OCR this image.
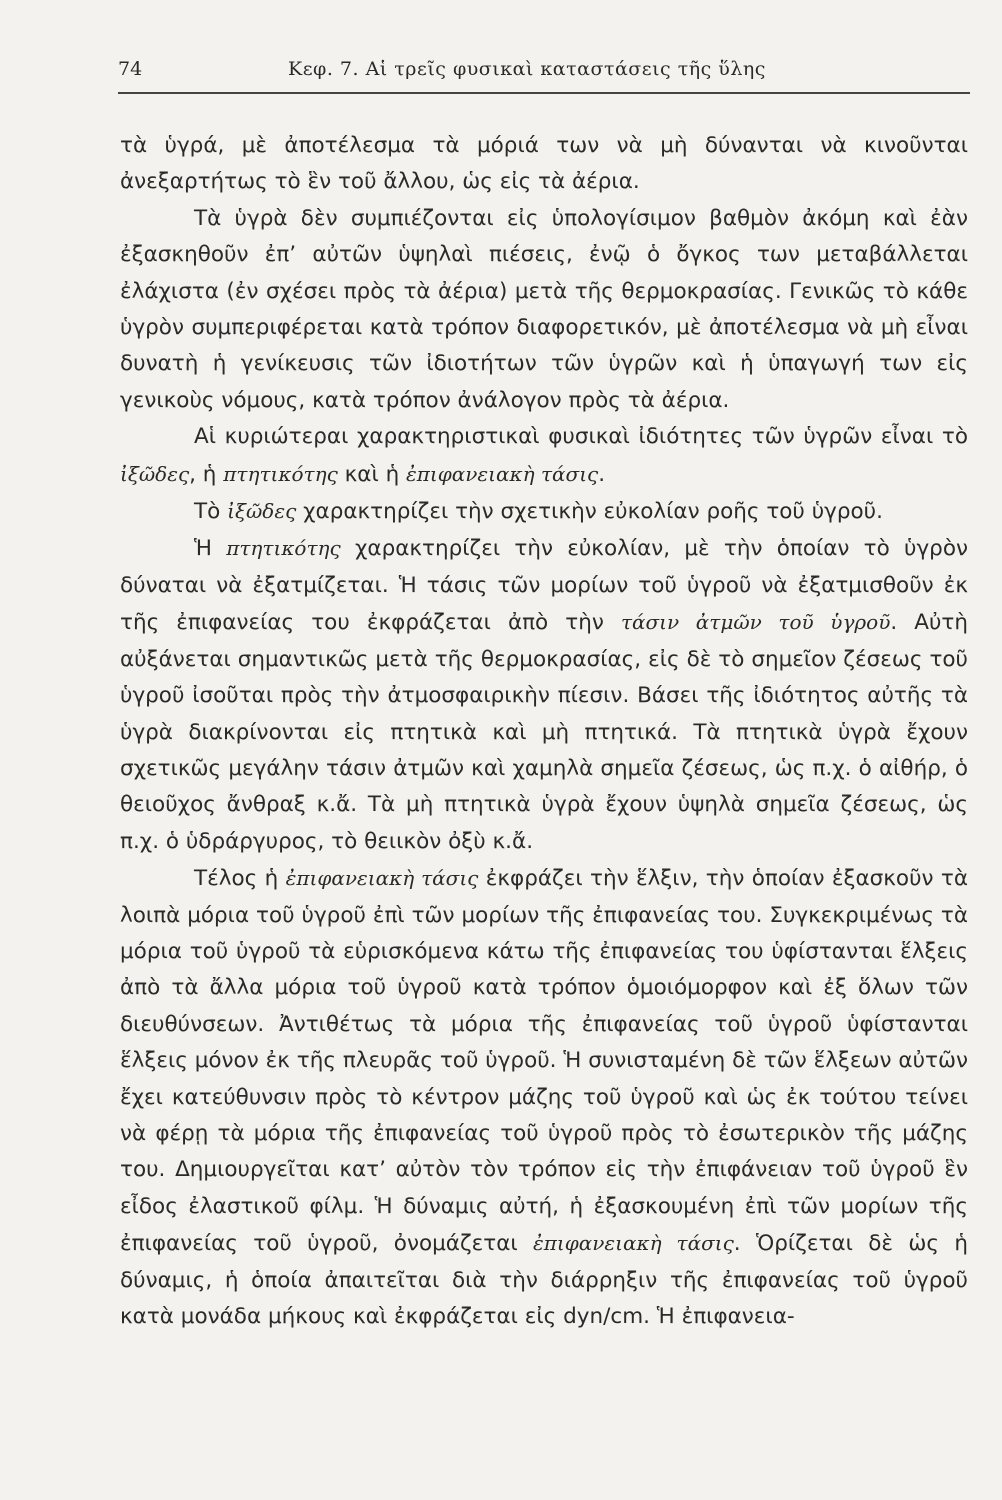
74	Κεφ. 7. Αἱ τρεῖς φυσικαὶ καταστάσεις τῆς ὕλης

τὰ ὑγρά, μὲ ἀποτέλεσμα τὰ μόριά των νὰ μὴ δύνανται νὰ κινοῦνται ἀνεξαρτήτως τὸ ἓν τοῦ ἄλλου, ὡς εἰς τὰ ἀέρια.

Τὰ ὑγρὰ δὲν συμπιέζονται εἰς ὑπολογίσιμον βαθμὸν ἀκόμη καὶ ἐὰν ἐξασκηθοῦν ἐπ’ αὐτῶν ὑψηλαὶ πιέσεις, ἐνῷ ὁ ὄγκος των μεταβάλλεται ἐλάχιστα (ἐν σχέσει πρὸς τὰ ἀέρια) μετὰ τῆς θερμοκρασίας. Γενικῶς τὸ κάθε ὑγρὸν συμπεριφέρεται κατὰ τρόπον διαφορετικόν, μὲ ἀποτέλεσμα νὰ μὴ εἶναι δυνατὴ ἡ γενίκευσις τῶν ἰδιοτήτων τῶν ὑγρῶν καὶ ἡ ὑπαγωγή των εἰς γενικοὺς νόμους, κατὰ τρόπον ἀνάλογον πρὸς τὰ ἀέρια.

Αἱ κυριώτεραι χαρακτηριστικαὶ φυσικαὶ ἰδιότητες τῶν ὑγρῶν εἶναι τὸ ἰξῶδες, ἡ πτητικότης καὶ ἡ ἐπιφανειακὴ τάσις.

Τὸ ἰξῶδες χαρακτηρίζει τὴν σχετικὴν εὐκολίαν ροῆς τοῦ ὑγροῦ.

Ἡ πτητικότης χαρακτηρίζει τὴν εὐκολίαν, μὲ τὴν ὁποίαν τὸ ὑγρὸν δύναται νὰ ἐξατμίζεται. Ἡ τάσις τῶν μορίων τοῦ ὑγροῦ νὰ ἐξατμισθοῦν ἐκ τῆς ἐπιφανείας του ἐκφράζεται ἀπὸ τὴν τάσιν ἀτμῶν τοῦ ὑγροῦ. Αὐτὴ αὐξάνεται σημαντικῶς μετὰ τῆς θερμοκρασίας, εἰς δὲ τὸ σημεῖον ζέσεως τοῦ ὑγροῦ ἰσοῦται πρὸς τὴν ἀτμοσφαιρικὴν πίεσιν. Βάσει τῆς ἰδιότητος αὐτῆς τὰ ὑγρὰ διακρίνονται εἰς πτητικὰ καὶ μὴ πτητικά. Τὰ πτητικὰ ὑγρὰ ἔχουν σχετικῶς μεγάλην τάσιν ἀτμῶν καὶ χαμηλὰ σημεῖα ζέσεως, ὡς π.χ. ὁ αἰθήρ, ὁ θειοῦχος ἄνθραξ κ.ἄ. Τὰ μὴ πτητικὰ ὑγρὰ ἔχουν ὑψηλὰ σημεῖα ζέσεως, ὡς π.χ. ὁ ὑδράργυρος, τὸ θειικὸν ὀξὺ κ.ἄ.

Τέλος ἡ ἐπιφανειακὴ τάσις ἐκφράζει τὴν ἕλξιν, τὴν ὁποίαν ἐξασκοῦν τὰ λοιπὰ μόρια τοῦ ὑγροῦ ἐπὶ τῶν μορίων τῆς ἐπιφανείας του. Συγκεκριμένως τὰ μόρια τοῦ ὑγροῦ τὰ εὑρισκόμενα κάτω τῆς ἐπιφανείας του ὑφίστανται ἕλξεις ἀπὸ τὰ ἄλλα μόρια τοῦ ὑγροῦ κατὰ τρόπον ὁμοιόμορφον καὶ ἐξ ὅλων τῶν διευθύνσεων. Ἀντιθέτως τὰ μόρια τῆς ἐπιφανείας τοῦ ὑγροῦ ὑφίστανται ἕλξεις μόνον ἐκ τῆς πλευρᾶς τοῦ ὑγροῦ. Ἡ συνισταμένη δὲ τῶν ἕλξεων αὐτῶν ἔχει κατεύθυνσιν πρὸς τὸ κέντρον μάζης τοῦ ὑγροῦ καὶ ὡς ἐκ τούτου τείνει νὰ φέρῃ τὰ μόρια τῆς ἐπιφανείας τοῦ ὑγροῦ πρὸς τὸ ἐσωτερικὸν τῆς μάζης του. Δημιουργεῖται κατ’ αὐτὸν τὸν τρόπον εἰς τὴν ἐπιφάνειαν τοῦ ὑγροῦ ἓν εἶδος ἐλαστικοῦ φίλμ. Ἡ δύναμις αὐτή, ἡ ἐξασκουμένη ἐπὶ τῶν μορίων τῆς ἐπιφανείας τοῦ ὑγροῦ, ὀνομάζεται ἐπιφανειακὴ τάσις. Ὁρίζεται δὲ ὡς ἡ δύναμις, ἡ ὁποία ἀπαιτεῖται διὰ τὴν διάρρηξιν τῆς ἐπιφανείας τοῦ ὑγροῦ κατὰ μονάδα μήκους καὶ ἐκφράζεται εἰς dyn/cm. Ἡ ἐπιφανεια-
